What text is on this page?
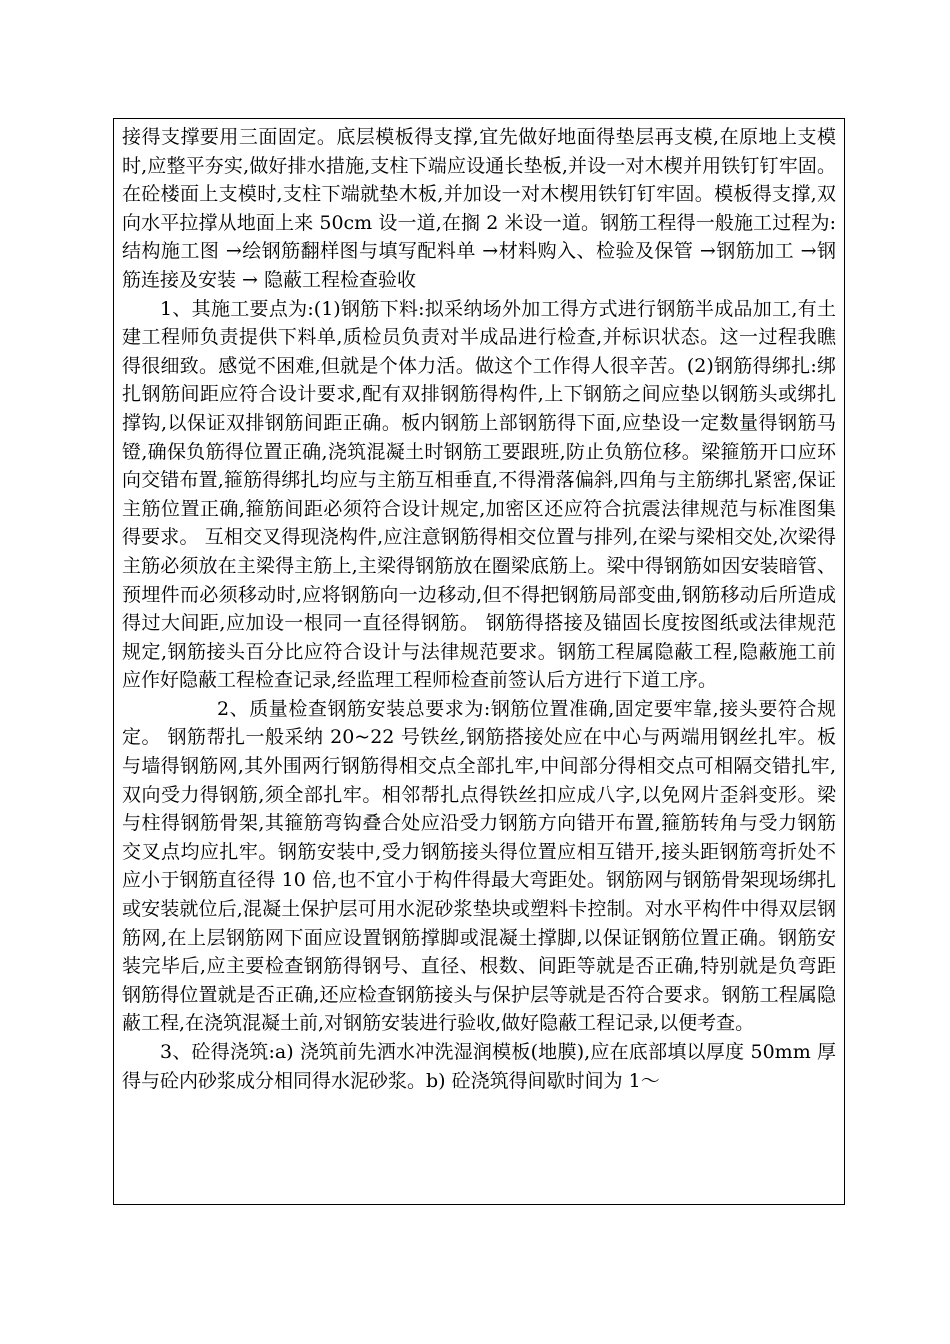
接得支撑要用三面固定。底层模板得支撑,宜先做好地面得垫层再支模,在原地上支模时,应整平夯实,做好排水措施,支柱下端应设通长垫板,并设一对木楔并用铁钉钉牢固。在砼楼面上支模时,支柱下端就垫木板,并加设一对木楔用铁钉钉牢固。模板得支撑,双向水平拉撑从地面上来 50cm 设一道,在搁 2 米设一道。钢筋工程得一般施工过程为:结构施工图 →绘钢筋翻样图与填写配料单 →材料购入、检验及保管 →钢筋加工 →钢筋连接及安装 → 隐蔽工程检查验收

1、其施工要点为:(1)钢筋下料:拟采纳场外加工得方式进行钢筋半成品加工,有土建工程师负责提供下料单,质检员负责对半成品进行检查,并标识状态。这一过程我瞧得很细致。感觉不困难,但就是个体力活。做这个工作得人很辛苦。(2)钢筋得绑扎:绑扎钢筋间距应符合设计要求,配有双排钢筋得构件,上下钢筋之间应垫以钢筋头或绑扎撑钩,以保证双排钢筋间距正确。板内钢筋上部钢筋得下面,应垫设一定数量得钢筋马镫,确保负筋得位置正确,浇筑混凝土时钢筋工要跟班,防止负筋位移。梁箍筋开口应环向交错布置,箍筋得绑扎均应与主筋互相垂直,不得滑落偏斜,四角与主筋绑扎紧密,保证主筋位置正确,箍筋间距必须符合设计规定,加密区还应符合抗震法律规范与标准图集得要求。 互相交叉得现浇构件,应注意钢筋得相交位置与排列,在梁与梁相交处,次梁得主筋必须放在主梁得主筋上,主梁得钢筋放在圈梁底筋上。梁中得钢筋如因安装暗管、预埋件而必须移动时,应将钢筋向一边移动,但不得把钢筋局部变曲,钢筋移动后所造成得过大间距,应加设一根同一直径得钢筋。 钢筋得搭接及锚固长度按图纸或法律规范规定,钢筋接头百分比应符合设计与法律规范要求。钢筋工程属隐蔽工程,隐蔽施工前应作好隐蔽工程检查记录,经监理工程师检查前签认后方进行下道工序。

2、质量检查钢筋安装总要求为:钢筋位置准确,固定要牢靠,接头要符合规定。 钢筋帮扎一般采纳 20~22 号铁丝,钢筋搭接处应在中心与两端用钢丝扎牢。板与墙得钢筋网,其外围两行钢筋得相交点全部扎牢,中间部分得相交点可相隔交错扎牢,双向受力得钢筋,须全部扎牢。相邻帮扎点得铁丝扣应成八字,以免网片歪斜变形。梁与柱得钢筋骨架,其箍筋弯钩叠合处应沿受力钢筋方向错开布置,箍筋转角与受力钢筋交叉点均应扎牢。钢筋安装中,受力钢筋接头得位置应相互错开,接头距钢筋弯折处不应小于钢筋直径得 10 倍,也不宜小于构件得最大弯距处。钢筋网与钢筋骨架现场绑扎或安装就位后,混凝土保护层可用水泥砂浆垫块或塑料卡控制。对水平构件中得双层钢筋网,在上层钢筋网下面应设置钢筋撑脚或混凝土撑脚,以保证钢筋位置正确。钢筋安装完毕后,应主要检查钢筋得钢号、直径、根数、间距等就是否正确,特别就是负弯距钢筋得位置就是否正确,还应检查钢筋接头与保护层等就是否符合要求。钢筋工程属隐蔽工程,在浇筑混凝土前,对钢筋安装进行验收,做好隐蔽工程记录,以便考查。

3、砼得浇筑:a) 浇筑前先洒水冲洗湿润模板(地膜),应在底部填以厚度 50mm 厚得与砼内砂浆成分相同得水泥砂浆。b) 砼浇筑得间歇时间为 1～
